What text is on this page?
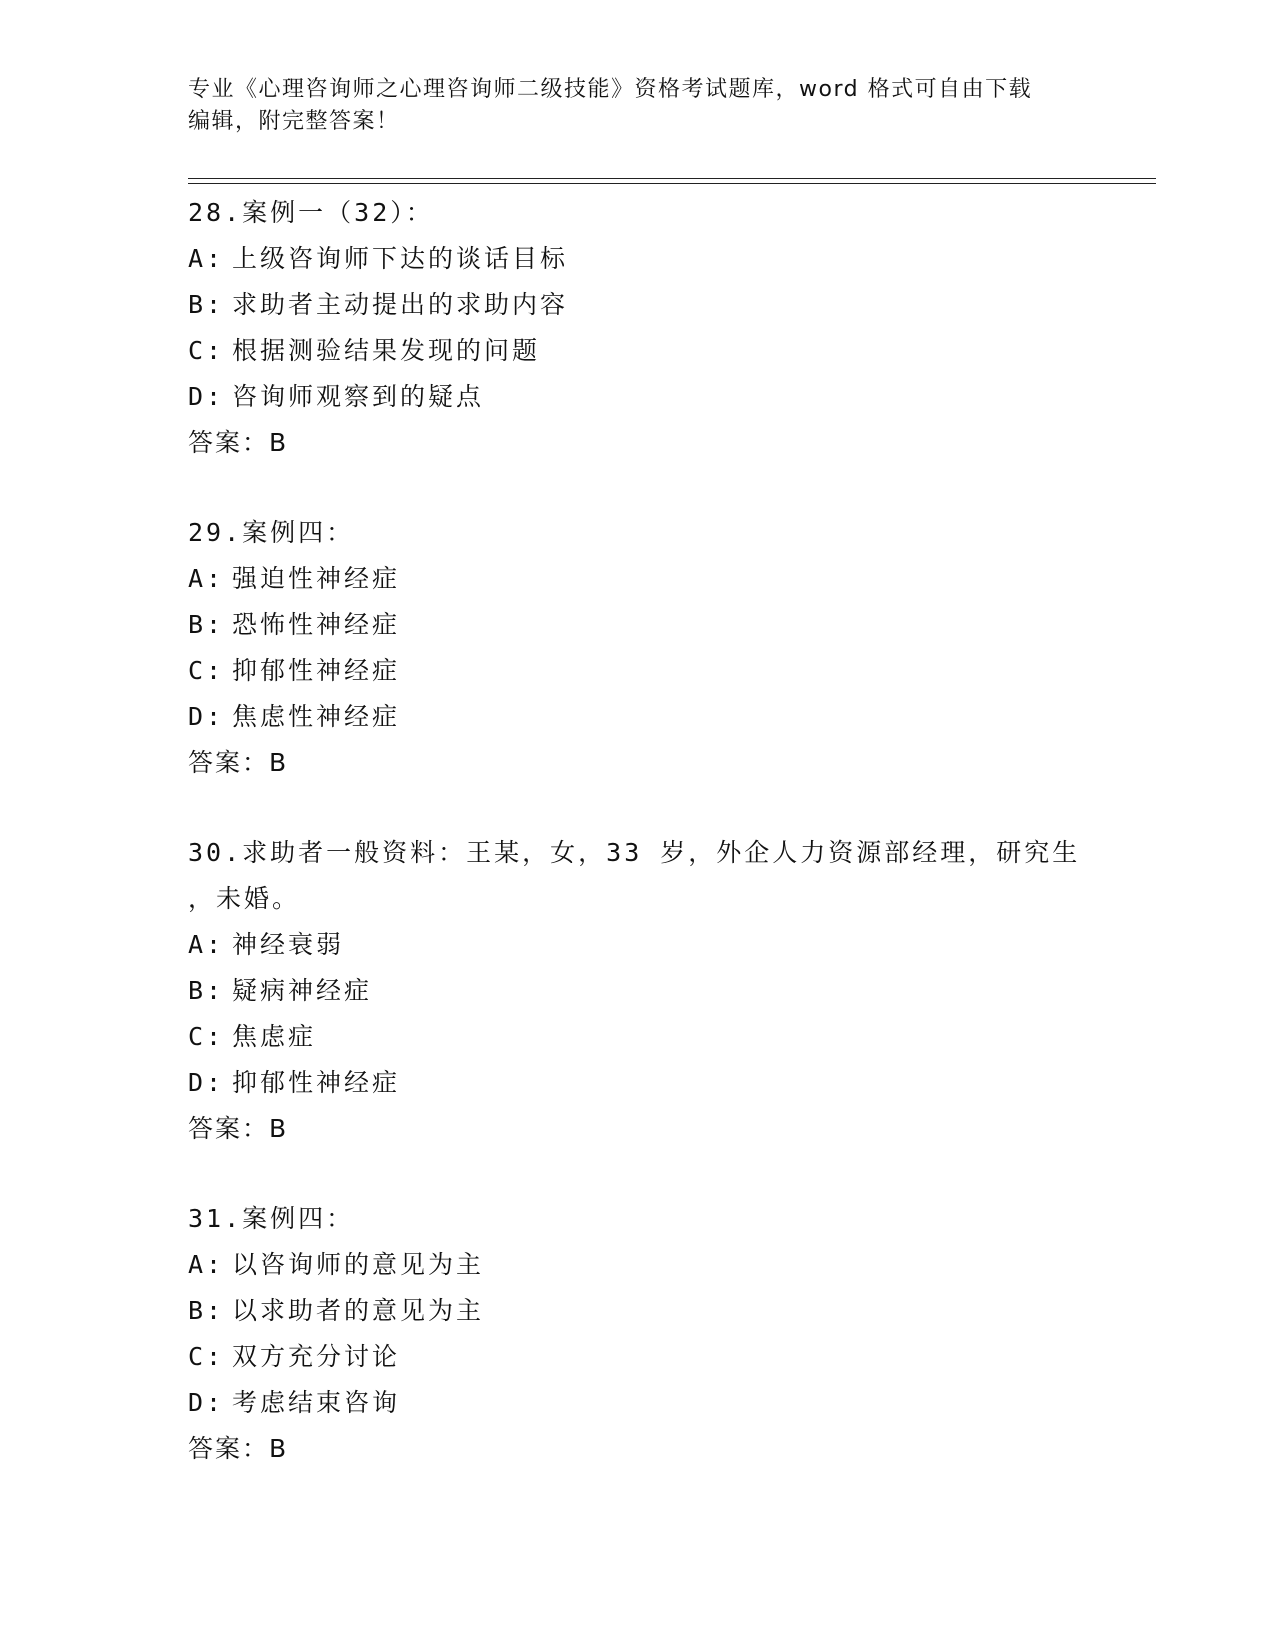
专业《心理咨询师之心理咨询师二级技能》资格考试题库，word 格式可自由下载
编辑，附完整答案！
28.案例一（32）：
A: 上级咨询师下达的谈话目标
B: 求助者主动提出的求助内容
C: 根据测验结果发现的问题
D: 咨询师观察到的疑点
答案：B
29.案例四：
A: 强迫性神经症
B: 恐怖性神经症
C: 抑郁性神经症
D: 焦虑性神经症
答案：B
30.求助者一般资料：王某，女，33 岁，外企人力资源部经理，研究生
，未婚。
A: 神经衰弱
B: 疑病神经症
C: 焦虑症
D: 抑郁性神经症
答案：B
31.案例四：
A: 以咨询师的意见为主
B: 以求助者的意见为主
C: 双方充分讨论
D: 考虑结束咨询
答案：B
